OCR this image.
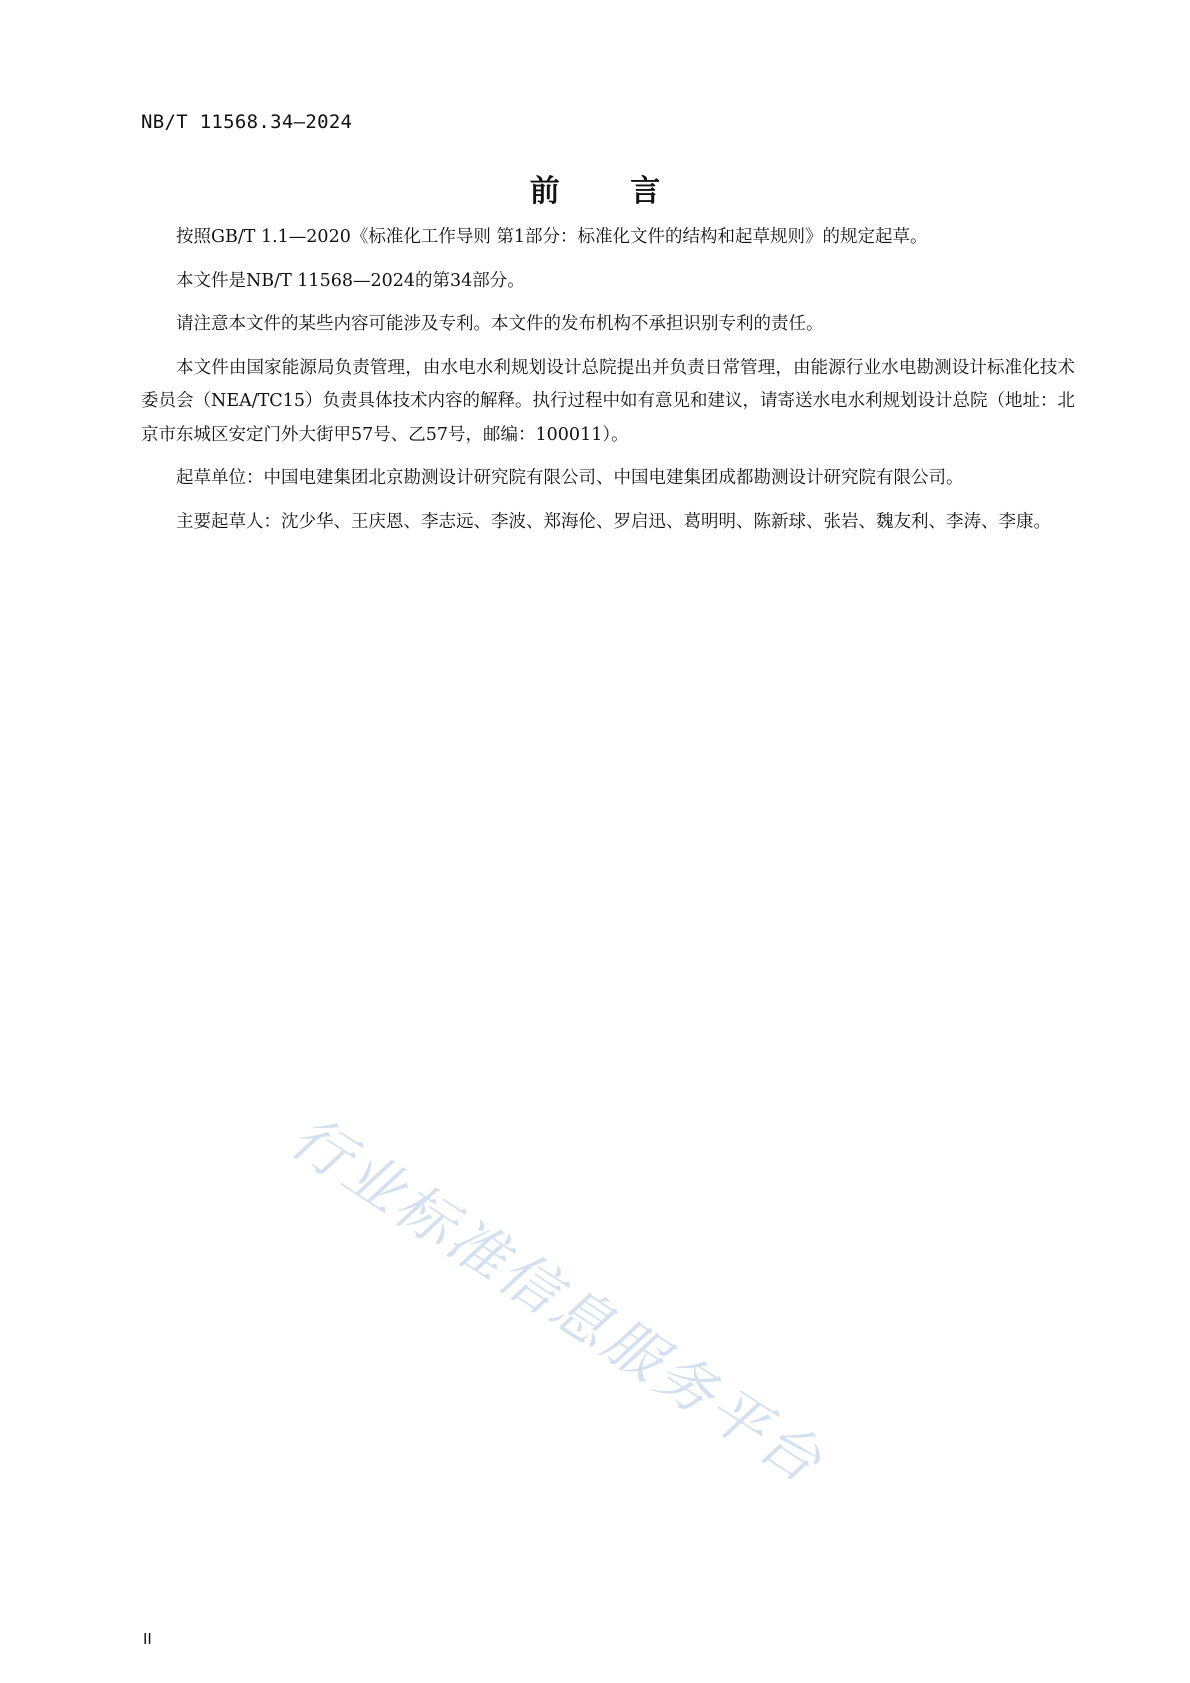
NB/T 11568.34—2024
前 言

按照GB/T 1.1—2020《标准化工作导则 第1部分：标准化文件的结构和起草规则》的规定起草。

本文件是NB/T 11568—2024的第34部分。

请注意本文件的某些内容可能涉及专利。本文件的发布机构不承担识别专利的责任。

本文件由国家能源局负责管理，由水电水利规划设计总院提出并负责日常管理，由能源行业水电勘测设计标准化技术委员会（NEA/TC15）负责具体技术内容的解释。执行过程中如有意见和建议，请寄送水电水利规划设计总院（地址：北京市东城区安定门外大街甲57号、乙57号，邮编：100011）。

起草单位：中国电建集团北京勘测设计研究院有限公司、中国电建集团成都勘测设计研究院有限公司。

主要起草人：沈少华、王庆恩、李志远、李波、郑海伦、罗启迅、葛明明、陈新球、张岩、魏友利、李涛、李康。

行业标准信息服务平台
II
